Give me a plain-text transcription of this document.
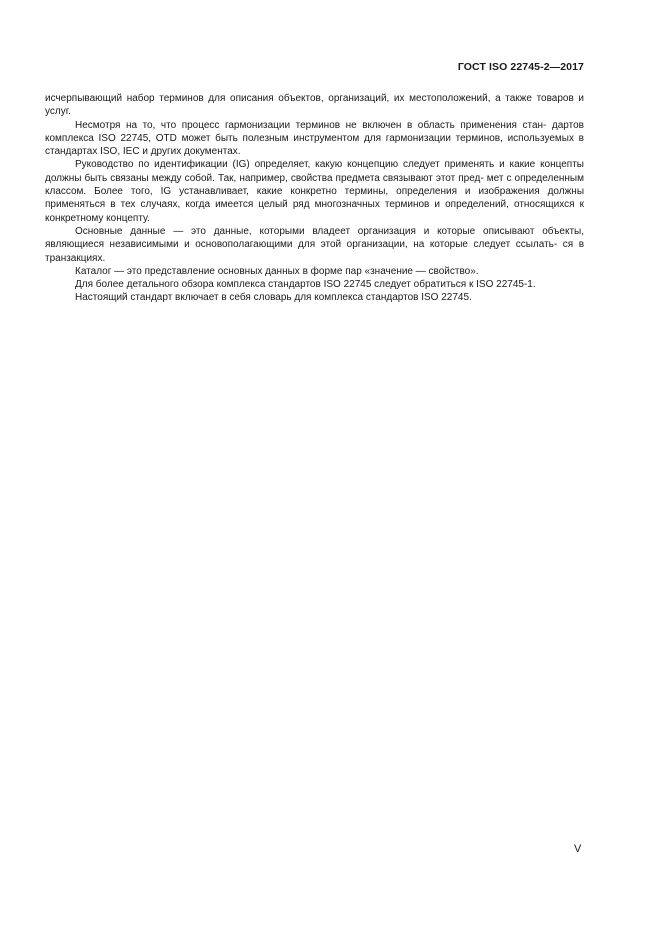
ГОСТ ISO 22745-2—2017

исчерпывающий набор терминов для описания объектов, организаций, их местоположений, а также товаров и услуг.

Несмотря на то, что процесс гармонизации терминов не включен в область применения стан- дартов комплекса ISO 22745, OTD может быть полезным инструментом для гармонизации терминов, используемых в стандартах ISO, IEC и других документах.

Руководство по идентификации (IG) определяет, какую концепцию следует применять и какие концепты должны быть связаны между собой. Так, например, свойства предмета связывают этот пред- мет с определенным классом. Более того, IG устанавливает, какие конкретно термины, определения и изображения должны применяться в тех случаях, когда имеется целый ряд многозначных терминов и определений, относящихся к конкретному концепту.

Основные данные — это данные, которыми владеет организация и которые описывают объекты, являющиеся независимыми и основополагающими для этой организации, на которые следует ссылать- ся в транзакциях.

Каталог — это представление основных данных в форме пар «значение — свойство».

Для более детального обзора комплекса стандартов ISO 22745 следует обратиться к ISO 22745-1.

Настоящий стандарт включает в себя словарь для комплекса стандартов ISO 22745.

V
